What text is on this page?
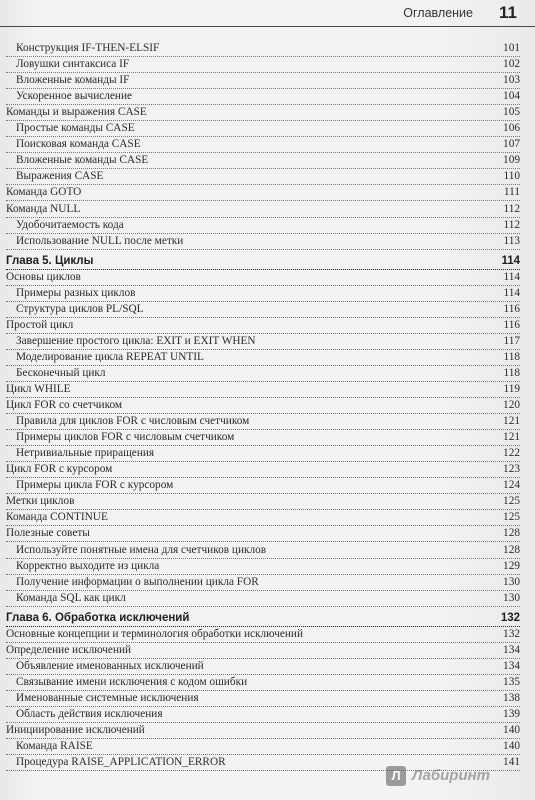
Оглавление 11
Конструкция IF-THEN-ELSIF	101
Ловушки синтаксиса IF	102
Вложенные команды IF	103
Ускоренное вычисление	104
Команды и выражения CASE	105
Простые команды CASE	106
Поисковая команда CASE	107
Вложенные команды CASE	109
Выражения CASE	110
Команда GOTO	111
Команда NULL	112
Удобочитаемость кода	112
Использование NULL после метки	113
Глава 5. Циклы	114
Основы циклов	114
Примеры разных циклов	114
Структура циклов PL/SQL	116
Простой цикл	116
Завершение простого цикла: EXIT и EXIT WHEN	117
Моделирование цикла REPEAT UNTIL	118
Бесконечный цикл	118
Цикл WHILE	119
Цикл FOR со счетчиком	120
Правила для циклов FOR с числовым счетчиком	121
Примеры циклов FOR с числовым счетчиком	121
Нетривиальные приращения	122
Цикл FOR с курсором	123
Примеры цикла FOR с курсором	124
Метки циклов	125
Команда CONTINUE	125
Полезные советы	128
Используйте понятные имена для счетчиков циклов	128
Корректно выходите из цикла	129
Получение информации о выполнении цикла FOR	130
Команда SQL как цикл	130
Глава 6. Обработка исключений	132
Основные концепции и терминология обработки исключений	132
Определение исключений	134
Объявление именованных исключений	134
Связывание имени исключения с кодом ошибки	135
Именованные системные исключения	138
Область действия исключения	139
Инициирование исключений	140
Команда RAISE	140
Процедура RAISE_APPLICATION_ERROR	141
Л Лабиринт
